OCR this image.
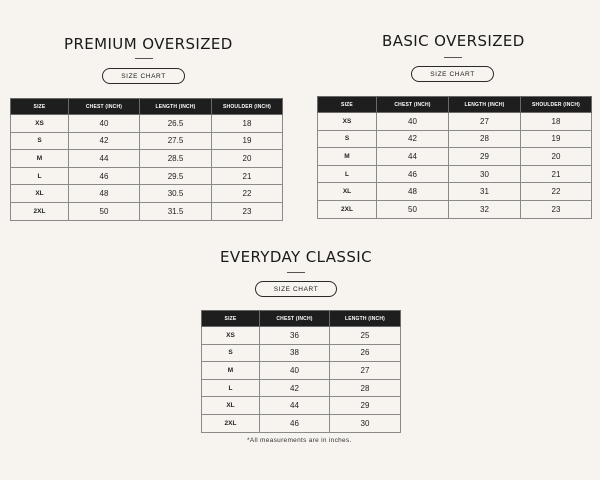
PREMIUM OVERSIZED
SIZE CHART
SIZE	CHEST (INCH)	LENGTH (INCH)	SHOULDER (INCH)
XS	40	26.5	18
S	42	27.5	19
M	44	28.5	20
L	46	29.5	21
XL	48	30.5	22
2XL	50	31.5	23
BASIC OVERSIZED
SIZE CHART
SIZE	CHEST (INCH)	LENGTH (INCH)	SHOULDER (INCH)
XS	40	27	18
S	42	28	19
M	44	29	20
L	46	30	21
XL	48	31	22
2XL	50	32	23
EVERYDAY CLASSIC
SIZE CHART
SIZE	CHEST (INCH)	LENGTH (INCH)
XS	36	25
S	38	26
M	40	27
L	42	28
XL	44	29
2XL	46	30
*All measurements are in inches.
